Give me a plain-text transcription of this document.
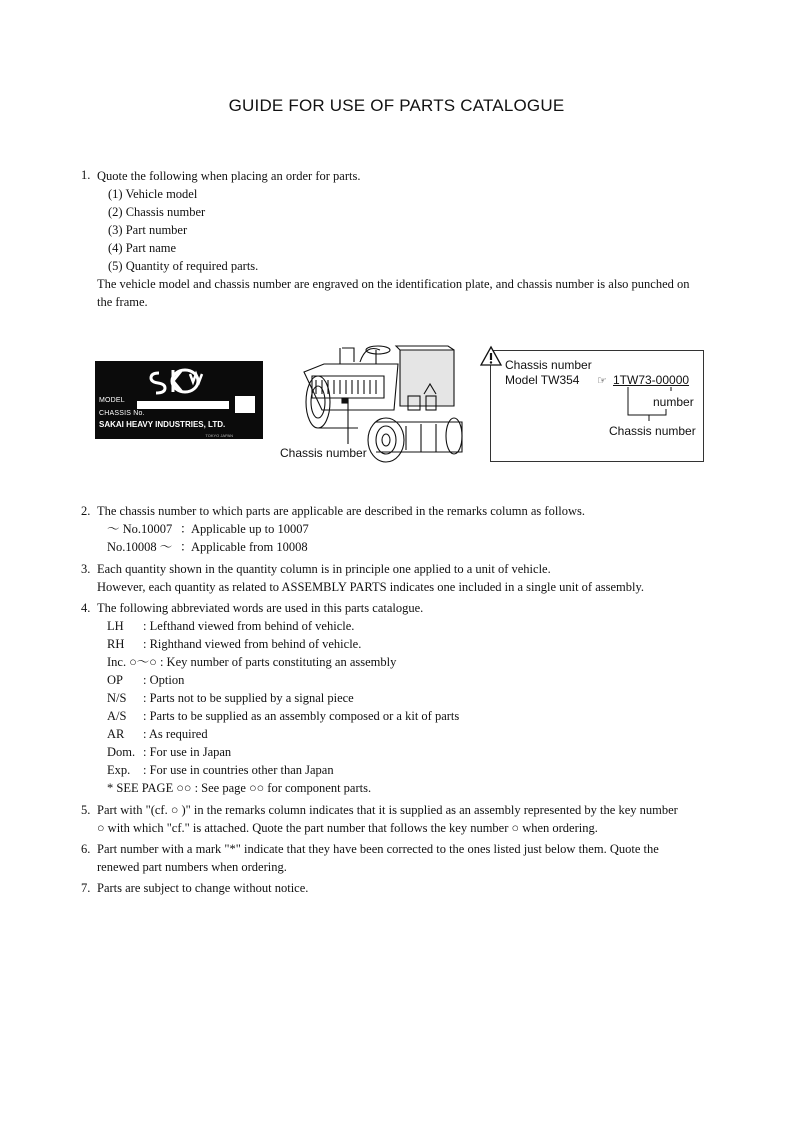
GUIDE FOR USE OF PARTS CATALOGUE
1. Quote the following when placing an order for parts.
(1) Vehicle model
(2) Chassis number
(3) Part number
(4) Part name
(5) Quantity of required parts.
The vehicle model and chassis number are engraved on the identification plate, and chassis number is also punched on
the frame.
MODEL
CHASSIS No.
SAKAI HEAVY INDUSTRIES, LTD.
TOKYO JAPAN
Chassis number
Chassis number
Model TW354 ☞ 1TW73-00000
number
Chassis number
2. The chassis number to which parts are applicable are described in the remarks column as follows.
～ No.10007 ：
Applicable up to 10007
No.10008 ～ ：
Applicable from 10008
3. Each quantity shown in the quantity column is in principle one applied to a unit of vehicle.
However, each quantity as related to ASSEMBLY PARTS indicates one included in a single unit of assembly.
4. The following abbreviated words are used in this parts catalogue.
LH : Lefthand viewed from behind of vehicle.
RH : Righthand viewed from behind of vehicle.
Inc. ○～○ : Key number of parts constituting an assembly
OP : Option
N/S : Parts not to be supplied by a signal piece
A/S : Parts to be supplied as an assembly composed or a kit of parts
AR : As required
Dom. : For use in Japan
Exp. : For use in countries other than Japan
* SEE PAGE ○○ : See page ○○ for component parts.
5. Part with "(cf. ○ )" in the remarks column indicates that it is supplied as an assembly represented by the key number
○ with which "cf." is attached. Quote the part number that follows the key number ○ when ordering.
6. Part number with a mark "*" indicate that they have been corrected to the ones listed just below them. Quote the
renewed part numbers when ordering.
7. Parts are subject to change without notice.
